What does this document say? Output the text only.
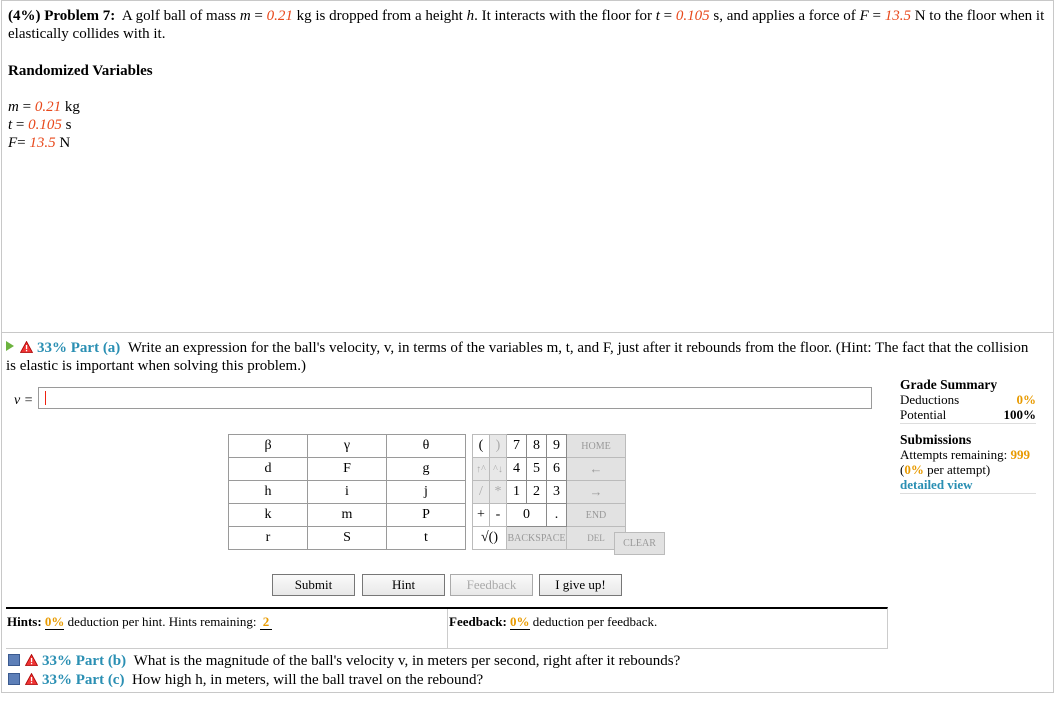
(4%) Problem 7: A golf ball of mass m = 0.21 kg is dropped from a height h. It interacts with the floor for t = 0.105 s, and applies a force of F = 13.5 N to the floor when it elastically collides with it.
Randomized Variables
m = 0.21 kg
t = 0.105 s
F= 13.5 N
33% Part (a) Write an expression for the ball's velocity, v, in terms of the variables m, t, and F, just after it rebounds from the floor. (Hint: The fact that the collision is elastic is important when solving this problem.)
v =
Grade Summary
Deductions	0%
Potential	100%
Submissions
Attempts remaining: 999
(0% per attempt)
detailed view
β	γ	θ
d	F	g
h	i	j
k	m	P
r	S	t
(	)	7	8	9	HOME
↑^	^↓	4	5	6	←
/	*	1	2	3	→
+	-	0		.	END
√()		BACKSPACE			DEL	CLEAR
Submit	Hint	Feedback	I give up!
Hints: 0% deduction per hint. Hints remaining: 2	Feedback: 0% deduction per feedback.
33% Part (b) What is the magnitude of the ball's velocity v, in meters per second, right after it rebounds?
33% Part (c) How high h, in meters, will the ball travel on the rebound?
